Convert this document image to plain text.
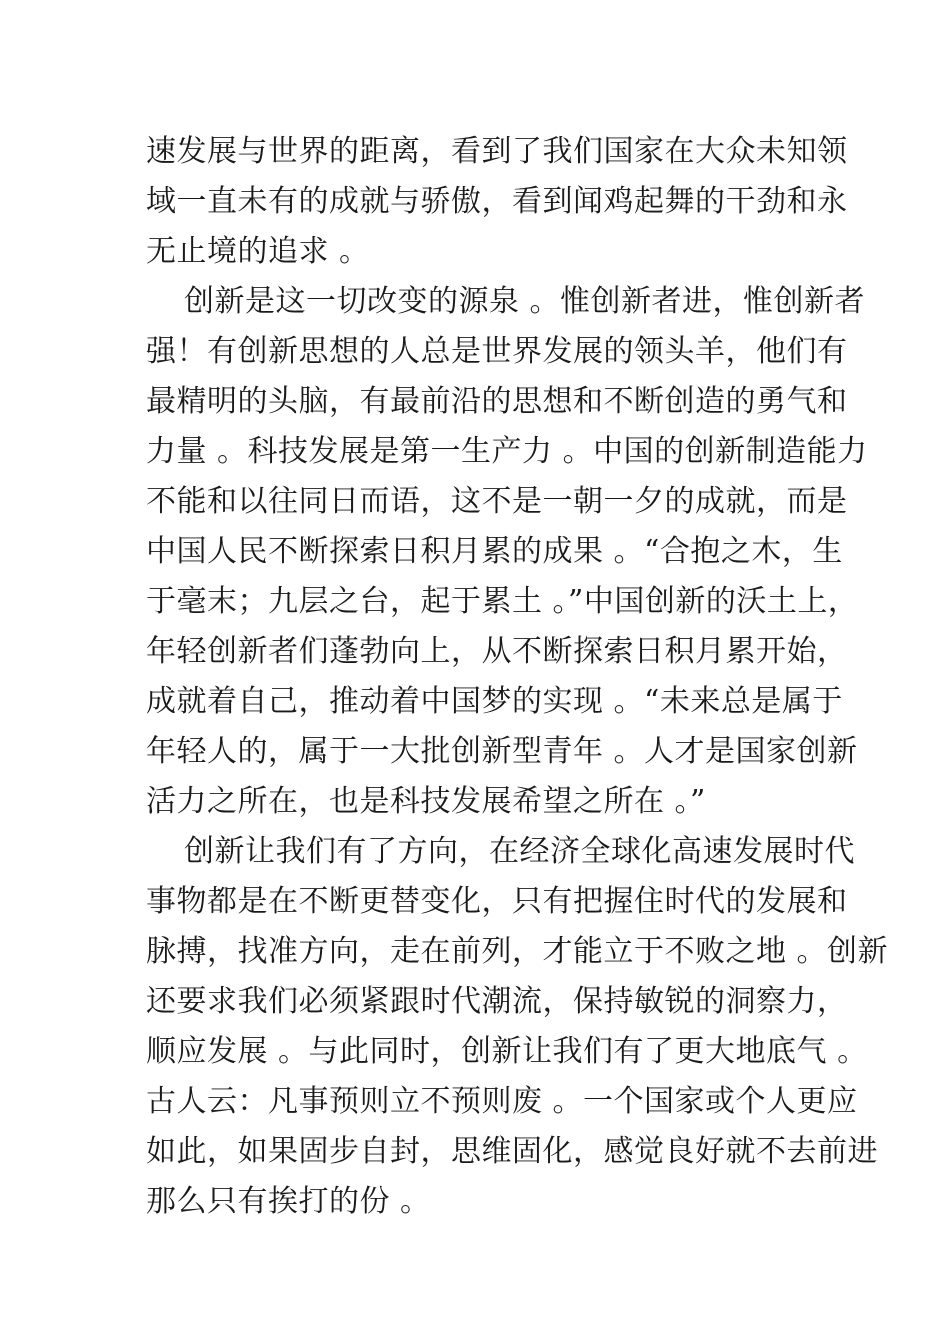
速发展与世界的距离，看到了我们国家在大众未知领
域一直未有的成就与骄傲，看到闻鸡起舞的干劲和永
无止境的追求 。
创新是这一切改变的源泉 。惟创新者进，惟创新者
强！有创新思想的人总是世界发展的领头羊，他们有
最精明的头脑，有最前沿的思想和不断创造的勇气和
力量 。科技发展是第一生产力 。中国的创新制造能力
不能和以往同日而语，这不是一朝一夕的成就，而是
中国人民不断探索日积月累的成果 。“合抱之木，生
于毫末；九层之台，起于累土 。”中国创新的沃土上，
年轻创新者们蓬勃向上，从不断探索日积月累开始，
成就着自己，推动着中国梦的实现 。“未来总是属于
年轻人的，属于一大批创新型青年 。人才是国家创新
活力之所在，也是科技发展希望之所在 。”
创新让我们有了方向，在经济全球化高速发展时代
事物都是在不断更替变化，只有把握住时代的发展和
脉搏，找准方向，走在前列，才能立于不败之地 。创新
还要求我们必须紧跟时代潮流，保持敏锐的洞察力，
顺应发展 。与此同时，创新让我们有了更大地底气 。
古人云：凡事预则立不预则废 。一个国家或个人更应
如此，如果固步自封，思维固化，感觉良好就不去前进
那么只有挨打的份 。
